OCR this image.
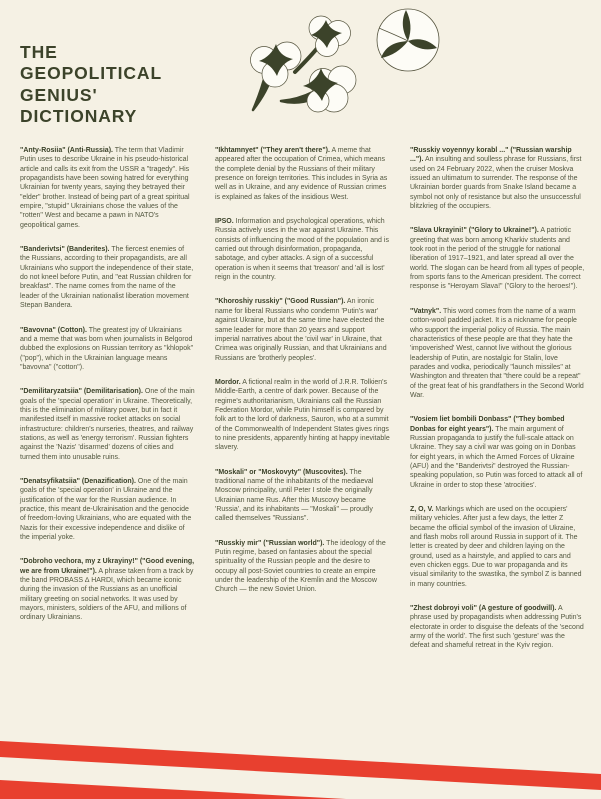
THE
GEOPOLITICAL
GENIUS'
DICTIONARY

"Anty-Rosiia" (Anti-Russia). The term that Vladimir Putin uses to describe Ukraine in his pseudo-historical article and calls its exit from the USSR a "tragedy". His propagandists have been sowing hatred for everything Ukrainian for twenty years, saying they betrayed their "elder" brother. Instead of being part of a great spiritual empire, "stupid" Ukrainians chose the values of the "rotten" West and became a pawn in NATO's geopolitical games.

"Banderivtsi" (Banderites). The fiercest enemies of the Russians, according to their propagandists, are all Ukrainians who support the independence of their state, do not kneel before Putin, and "eat Russian children for breakfast". The name comes from the name of the leader of the Ukrainian nationalist liberation movement Stepan Bandera.

"Bavovna" (Cotton). The greatest joy of Ukrainians and a meme that was born when journalists in Belgorod dubbed the explosions on Russian territory as "khlopok" ("pop"), which in the Ukrainian language means "bavovna" ("cotton").

"Demilitaryzatsiia" (Demilitarisation). One of the main goals of the 'special operation' in Ukraine. Theoretically, this is the elimination of military power, but in fact it manifested itself in massive rocket attacks on social infrastructure: children's nurseries, theatres, and railway stations, as well as 'energy terrorism'. Russian fighters against the 'Nazis' 'disarmed' dozens of cities and turned them into unusable ruins.

"Denatsyfikatsiia" (Denazification). One of the main goals of the 'special operation' in Ukraine and the justification of the war for the Russian audience. In practice, this meant de-Ukrainisation and the genocide of freedom-loving Ukrainians, who are equated with the Nazis for their excessive independence and dislike of the imperial yoke.

"Dobroho vechora, my z Ukrayiny!" ("Good evening, we are from Ukraine!"). A phrase taken from a track by the band PROBASS ∆ HARDI, which became iconic during the invasion of the Russians as an unofficial military greeting on social networks. It was used by mayors, ministers, soldiers of the AFU, and millions of ordinary Ukrainians.

"Ikhtamnyet" ("They aren't there"). A meme that appeared after the occupation of Crimea, which means the complete denial by the Russians of their military presence on foreign territories. This includes in Syria as well as in Ukraine, and any evidence of Russian crimes is explained as fakes of the insidious West.

IPSO. Information and psychological operations, which Russia actively uses in the war against Ukraine. This consists of influencing the mood of the population and is carried out through disinformation, propaganda, sabotage, and cyber attacks. A sign of a successful operation is when it seems that 'treason' and 'all is lost' reign in the country.

"Khoroshiy russkiy" ("Good Russian"). An ironic name for liberal Russians who condemn 'Putin's war' against Ukraine, but at the same time have elected the same leader for more than 20 years and support imperial narratives about the 'civil war' in Ukraine, that Crimea was originally Russian, and that Ukrainians and Russians are 'brotherly peoples'.

Mordor. A fictional realm in the world of J.R.R. Tolkien's Middle-Earth, a centre of dark power. Because of the regime's authoritarianism, Ukrainians call the Russian Federation Mordor, while Putin himself is compared by folk art to the lord of darkness, Sauron, who at a summit of the Commonwealth of Independent States gives rings to nine presidents, apparently hinting at happy inevitable slavery.

"Moskali" or "Moskovyty" (Muscovites). The traditional name of the inhabitants of the mediaeval Moscow principality, until Peter I stole the originally Ukrainian name Rus. After this Muscovy became 'Russia', and its inhabitants — "Moskali" — proudly called themselves "Russians".

"Russkiy mir" ("Russian world"). The ideology of the Putin regime, based on fantasies about the special spirituality of the Russian people and the desire to occupy all post-Soviet countries to create an empire under the leadership of the Kremlin and the Moscow Church — the new Soviet Union.

"Russkiy voyennyy korabl ..." ("Russian warship ..."). An insulting and soulless phrase for Russians, first used on 24 February 2022, when the cruiser Moskva issued an ultimatum to surrender. The response of the Ukrainian border guards from Snake Island became a symbol not only of resistance but also the unsuccessful blitzkrieg of the occupiers.

"Slava Ukrayini!" ("Glory to Ukraine!"). A patriotic greeting that was born among Kharkiv students and took root in the period of the struggle for national liberation of 1917–1921, and later spread all over the world. The slogan can be heard from all types of people, from sports fans to the American president. The correct response is "Heroyam Slava!" ("Glory to the heroes!").

"Vatnyk". This word comes from the name of a warm cotton-wool padded jacket. It is a nickname for people who support the imperial policy of Russia. The main characteristics of these people are that they hate the 'impoverished' West, cannot live without the glorious leadership of Putin, are nostalgic for Stalin, love parades and vodka, periodically "launch missiles" at Washington and threaten that "there could be a repeat" of the great feat of his grandfathers in the Second World War.

"Vosiem liet bombili Donbass" ("They bombed Donbas for eight years"). The main argument of Russian propaganda to justify the full-scale attack on Ukraine. They say a civil war was going on in Donbas for eight years, in which the Armed Forces of Ukraine (AFU) and the "Banderivtsi" destroyed the Russian-speaking population, so Putin was forced to attack all of Ukraine in order to stop these 'atrocities'.

Z, O, V. Markings which are used on the occupiers' military vehicles. After just a few days, the letter Z became the official symbol of the invasion of Ukraine, and flash mobs roll around Russia in support of it. The letter is created by deer and children laying on the ground, used as a hairstyle, and applied to cars and even chicken eggs. Due to war propaganda and its visual similarity to the swastika, the symbol Z is banned in many countries.

"Zhest dobroyi voli" (A gesture of goodwill). A phrase used by propagandists when addressing Putin's electorate in order to disguise the defeats of the 'second army of the world'. The first such 'gesture' was the defeat and shameful retreat in the Kyiv region.
